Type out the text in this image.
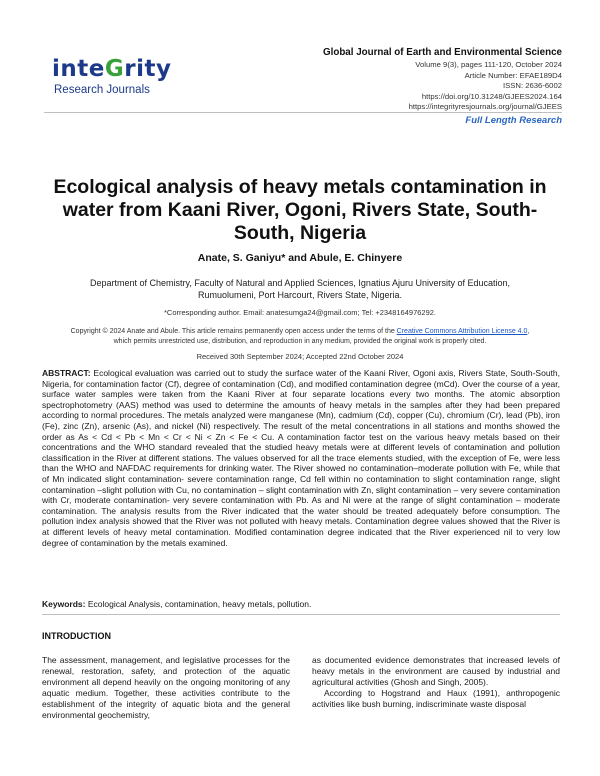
inteGrity
Research Journals
Global Journal of Earth and Environmental Science
Volume 9(3), pages 111-120, October 2024
Article Number: EFAE189D4
ISSN: 2636-6002
https://doi.org/10.31248/GJEES2024.164
https://integrityresjournals.org/journal/GJEES
Full Length Research
Ecological analysis of heavy metals contamination in water from Kaani River, Ogoni, Rivers State, South-South, Nigeria
Anate, S. Ganiyu* and Abule, E. Chinyere
Department of Chemistry, Faculty of Natural and Applied Sciences, Ignatius Ajuru University of Education, Rumuolumeni, Port Harcourt, Rivers State, Nigeria.
*Corresponding author. Email: anatesumga24@gmail.com; Tel: +2348164976292.
Copyright © 2024 Anate and Abule. This article remains permanently open access under the terms of the Creative Commons Attribution License 4.0, which permits unrestricted use, distribution, and reproduction in any medium, provided the original work is properly cited.
Received 30th September 2024; Accepted 22nd October 2024
ABSTRACT: Ecological evaluation was carried out to study the surface water of the Kaani River, Ogoni axis, Rivers State, South-South, Nigeria, for contamination factor (Cf), degree of contamination (Cd), and modified contamination degree (mCd). Over the course of a year, surface water samples were taken from the Kaani River at four separate locations every two months. The atomic absorption spectrophotometry (AAS) method was used to determine the amounts of heavy metals in the samples after they had been prepared according to normal procedures. The metals analyzed were manganese (Mn), cadmium (Cd), copper (Cu), chromium (Cr), lead (Pb), iron (Fe), zinc (Zn), arsenic (As), and nickel (Ni) respectively. The result of the metal concentrations in all stations and months showed the order as As < Cd < Pb < Mn < Cr < Ni < Zn < Fe < Cu. A contamination factor test on the various heavy metals based on their concentrations and the WHO standard revealed that the studied heavy metals were at different levels of contamination and pollution classification in the River at different stations. The values observed for all the trace elements studied, with the exception of Fe, were less than the WHO and NAFDAC requirements for drinking water. The River showed no contamination–moderate pollution with Fe, while that of Mn indicated slight contamination- severe contamination range, Cd fell within no contamination to slight contamination range, slight contamination –slight pollution with Cu, no contamination – slight contamination with Zn, slight contamination – very severe contamination with Cr, moderate contamination- very severe contamination with Pb. As and Ni were at the range of slight contamination – moderate contamination. The analysis results from the River indicated that the water should be treated adequately before consumption. The pollution index analysis showed that the River was not polluted with heavy metals. Contamination degree values showed that the River is at different levels of heavy metal contamination. Modified contamination degree indicated that the River experienced nil to very low degree of contamination by the metals examined.
Keywords: Ecological Analysis, contamination, heavy metals, pollution.
INTRODUCTION

The assessment, management, and legislative processes for the renewal, restoration, safety, and protection of the aquatic environment all depend heavily on the ongoing monitoring of any aquatic medium. Together, these activities contribute to the establishment of the integrity of aquatic biota and the general environmental geochemistry,

as documented evidence demonstrates that increased levels of heavy metals in the environment are caused by industrial and agricultural activities (Ghosh and Singh, 2005).

According to Hogstrand and Haux (1991), anthropogenic activities like bush burning, indiscriminate waste disposal
